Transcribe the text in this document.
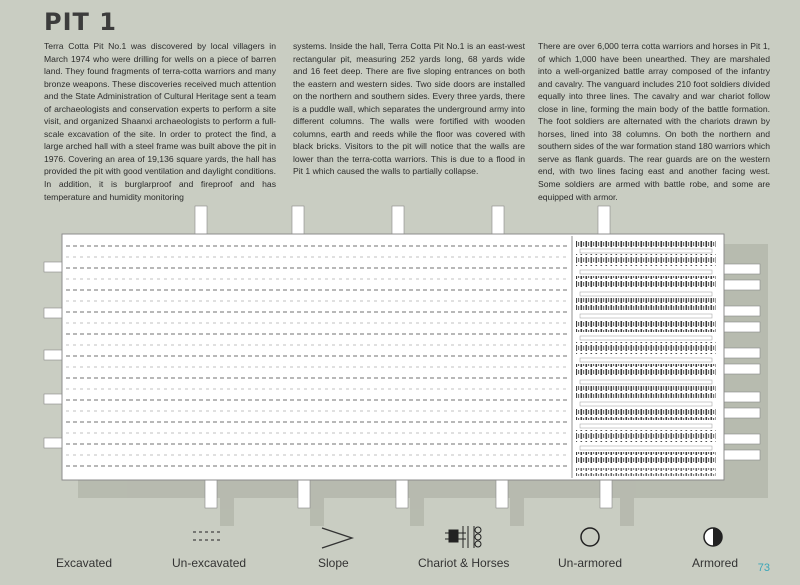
PIT 1
Terra Cotta Pit No.1 was discovered by local villagers in March 1974 who were drilling for wells on a piece of barren land. They found fragments of terra-cotta warriors and many bronze weapons. These discoveries received much attention and the State Administration of Cultural Heritage sent a team of archaeologists and conservation experts to perform a site visit, and organized Shaanxi archaeologists to perform a full-scale excavation of the site. In order to protect the find, a large arched hall with a steel frame was built above the pit in 1976. Covering an area of 19,136 square yards, the hall has provided the pit with good ventilation and daylight conditions. In addition, it is burglarproof and fireproof and has temperature and humidity monitoring
systems. Inside the hall, Terra Cotta Pit No.1 is an east-west rectangular pit, measuring 252 yards long, 68 yards wide and 16 feet deep. There are five sloping entrances on both the eastern and western sides. Two side doors are installed on the northern and southern sides. Every three yards, there is a puddle wall, which separates the underground army into different columns. The walls were fortified with wooden columns, earth and reeds while the floor was covered with black bricks. Visitors to the pit will notice that the walls are lower than the terra-cotta warriors. This is due to a flood in Pit 1 which caused the walls to partially collapse.
There are over 6,000 terra cotta warriors and horses in Pit 1, of which 1,000 have been unearthed. They are marshaled into a well-organized battle array composed of the infantry and cavalry. The vanguard includes 210 foot soldiers divided equally into three lines. The cavalry and war chariot follow close in line, forming the main body of the battle formation. The foot soldiers are alternated with the chariots drawn by horses, lined into 38 columns. On both the northern and southern sides of the war formation stand 180 warriors which serve as flank guards. The rear guards are on the western end, with two lines facing east and another facing west. Some soldiers are armed with battle robe, and some are equipped with armor.
Excavated	Un-excavated	Slope	Chariot & Horses	Un-armored	Armored 73
